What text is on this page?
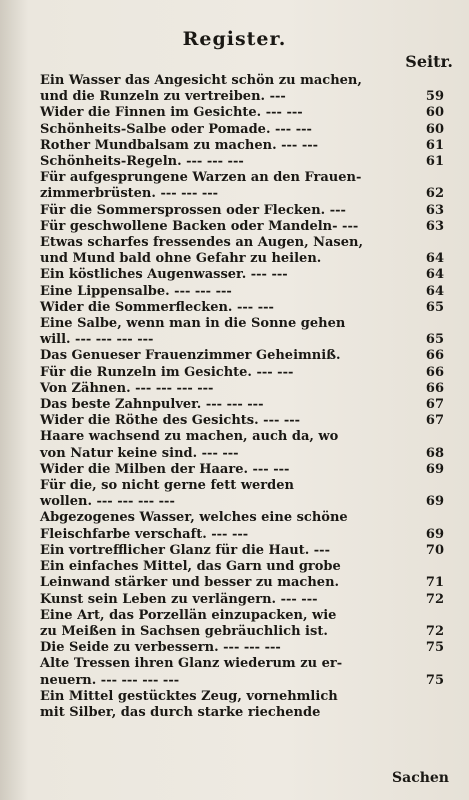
Register.
Seitr.
Ein Wasser das Angesicht schön zu machen,
und die Runzeln zu vertreiben. ---	59
Wider die Finnen im Gesichte. --- ---	60
Schönheits-Salbe oder Pomade. --- ---	60
Rother Mundbalsam zu machen. --- ---	61
Schönheits-Regeln. --- --- ---	61
Für aufgesprungene Warzen an den Frauen-
zimmerbrüsten. --- --- ---	62
Für die Sommersprossen oder Flecken. ---	63
Für geschwollene Backen oder Mandeln- ---	63
Etwas scharfes fressendes an Augen, Nasen,
und Mund bald ohne Gefahr zu heilen.	64
Ein köstliches Augenwasser. --- ---	64
Eine Lippensalbe. --- --- ---	64
Wider die Sommerflecken. --- ---	65
Eine Salbe, wenn man in die Sonne gehen
will. --- --- --- ---	65
Das Genueser Frauenzimmer Geheimniß.	66
Für die Runzeln im Gesichte. --- ---	66
Von Zähnen. --- --- --- ---	66
Das beste Zahnpulver. --- --- ---	67
Wider die Röthe des Gesichts. --- ---	67
Haare wachsend zu machen, auch da, wo
von Natur keine sind. --- ---	68
Wider die Milben der Haare. --- ---	69
Für die, so nicht gerne fett werden
wollen. --- --- --- ---	69
Abgezogenes Wasser, welches eine schöne
Fleischfarbe verschaft. --- ---	69
Ein vortrefflicher Glanz für die Haut. ---	70
Ein einfaches Mittel, das Garn und grobe
Leinwand stärker und besser zu machen.	71
Kunst sein Leben zu verlängern. --- ---	72
Eine Art, das Porzellän einzupacken, wie
zu Meißen in Sachsen gebräuchlich ist.	72
Die Seide zu verbessern. --- --- ---	75
Alte Tressen ihren Glanz wiederum zu er-
neuern. --- --- --- ---	75
Ein Mittel gestücktes Zeug, vornehmlich
mit Silber, das durch starke riechende
Sachen
